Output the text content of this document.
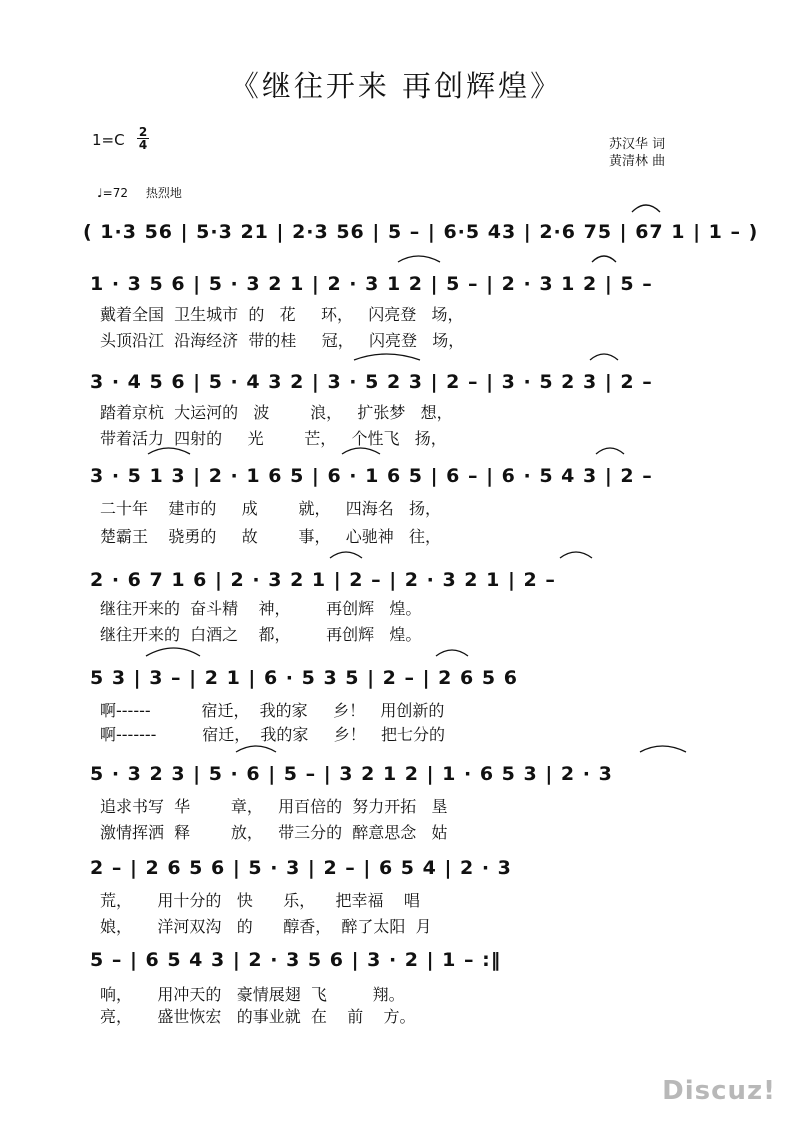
《继往开来 再创辉煌》
1=C 2
4	苏汉华 词
黄清林 曲
♩=72 热烈地
( 1·3 56 | 5·3 21 | 2·3 56 | 5 – | 6·5 43 | 2·6 75 | 67 1 | 1 – )
1 · 3 5 6 | 5 · 3 2 1 | 2 · 3 1 2 | 5 – | 2 · 3 1 2 | 5 –
戴着全国  卫生城市  的   花     环，   闪亮登   场，
头顶沿江  沿海经济  带的桂     冠，   闪亮登   场，
3 · 4 5 6 | 5 · 4 3 2 | 3 · 5 2 3 | 2 – | 3 · 5 2 3 | 2 –
踏着京杭  大运河的   波        浪，   扩张梦   想，
带着活力  四射的     光        芒，   个性飞   扬，
3 · 5 1 3 | 2 · 1 6 5 | 6 · 1 6 5 | 6 – | 6 · 5 4 3 | 2 –
二十年    建市的     成        就，   四海名   扬，
楚霸王    骁勇的     故        事，   心驰神   往，
2 · 6 7 1 6 | 2 · 3 2 1 | 2 – | 2 · 3 2 1 | 2 –
继往开来的  奋斗精    神，       再创辉   煌。
继往开来的  白酒之    都，       再创辉   煌。
5 3 | 3 – | 2 1 | 6 · 5 3 5 | 2 – | 2 6 5 6
啊------          宿迁，  我的家     乡！   用创新的
啊-------         宿迁，  我的家     乡！   把七分的
5 · 3 2 3 | 5 · 6 | 5 – | 3 2 1 2 | 1 · 6 5 3 | 2 · 3
追求书写  华        章，   用百倍的  努力开拓   垦
激情挥洒  释        放，   带三分的  醉意思念   姑
2 – | 2 6 5 6 | 5 · 3 | 2 – | 6 5 4 | 2 · 3
荒，     用十分的   快      乐，    把幸福    唱
娘，     洋河双沟   的      醇香，  醉了太阳  月
5 – | 6 5 4 3 | 2 · 3 5 6 | 3 · 2 | 1 – :‖
响，     用冲天的   豪情展翅  飞         翔。
亮，     盛世恢宏   的事业就  在    前    方。
Discuz!
